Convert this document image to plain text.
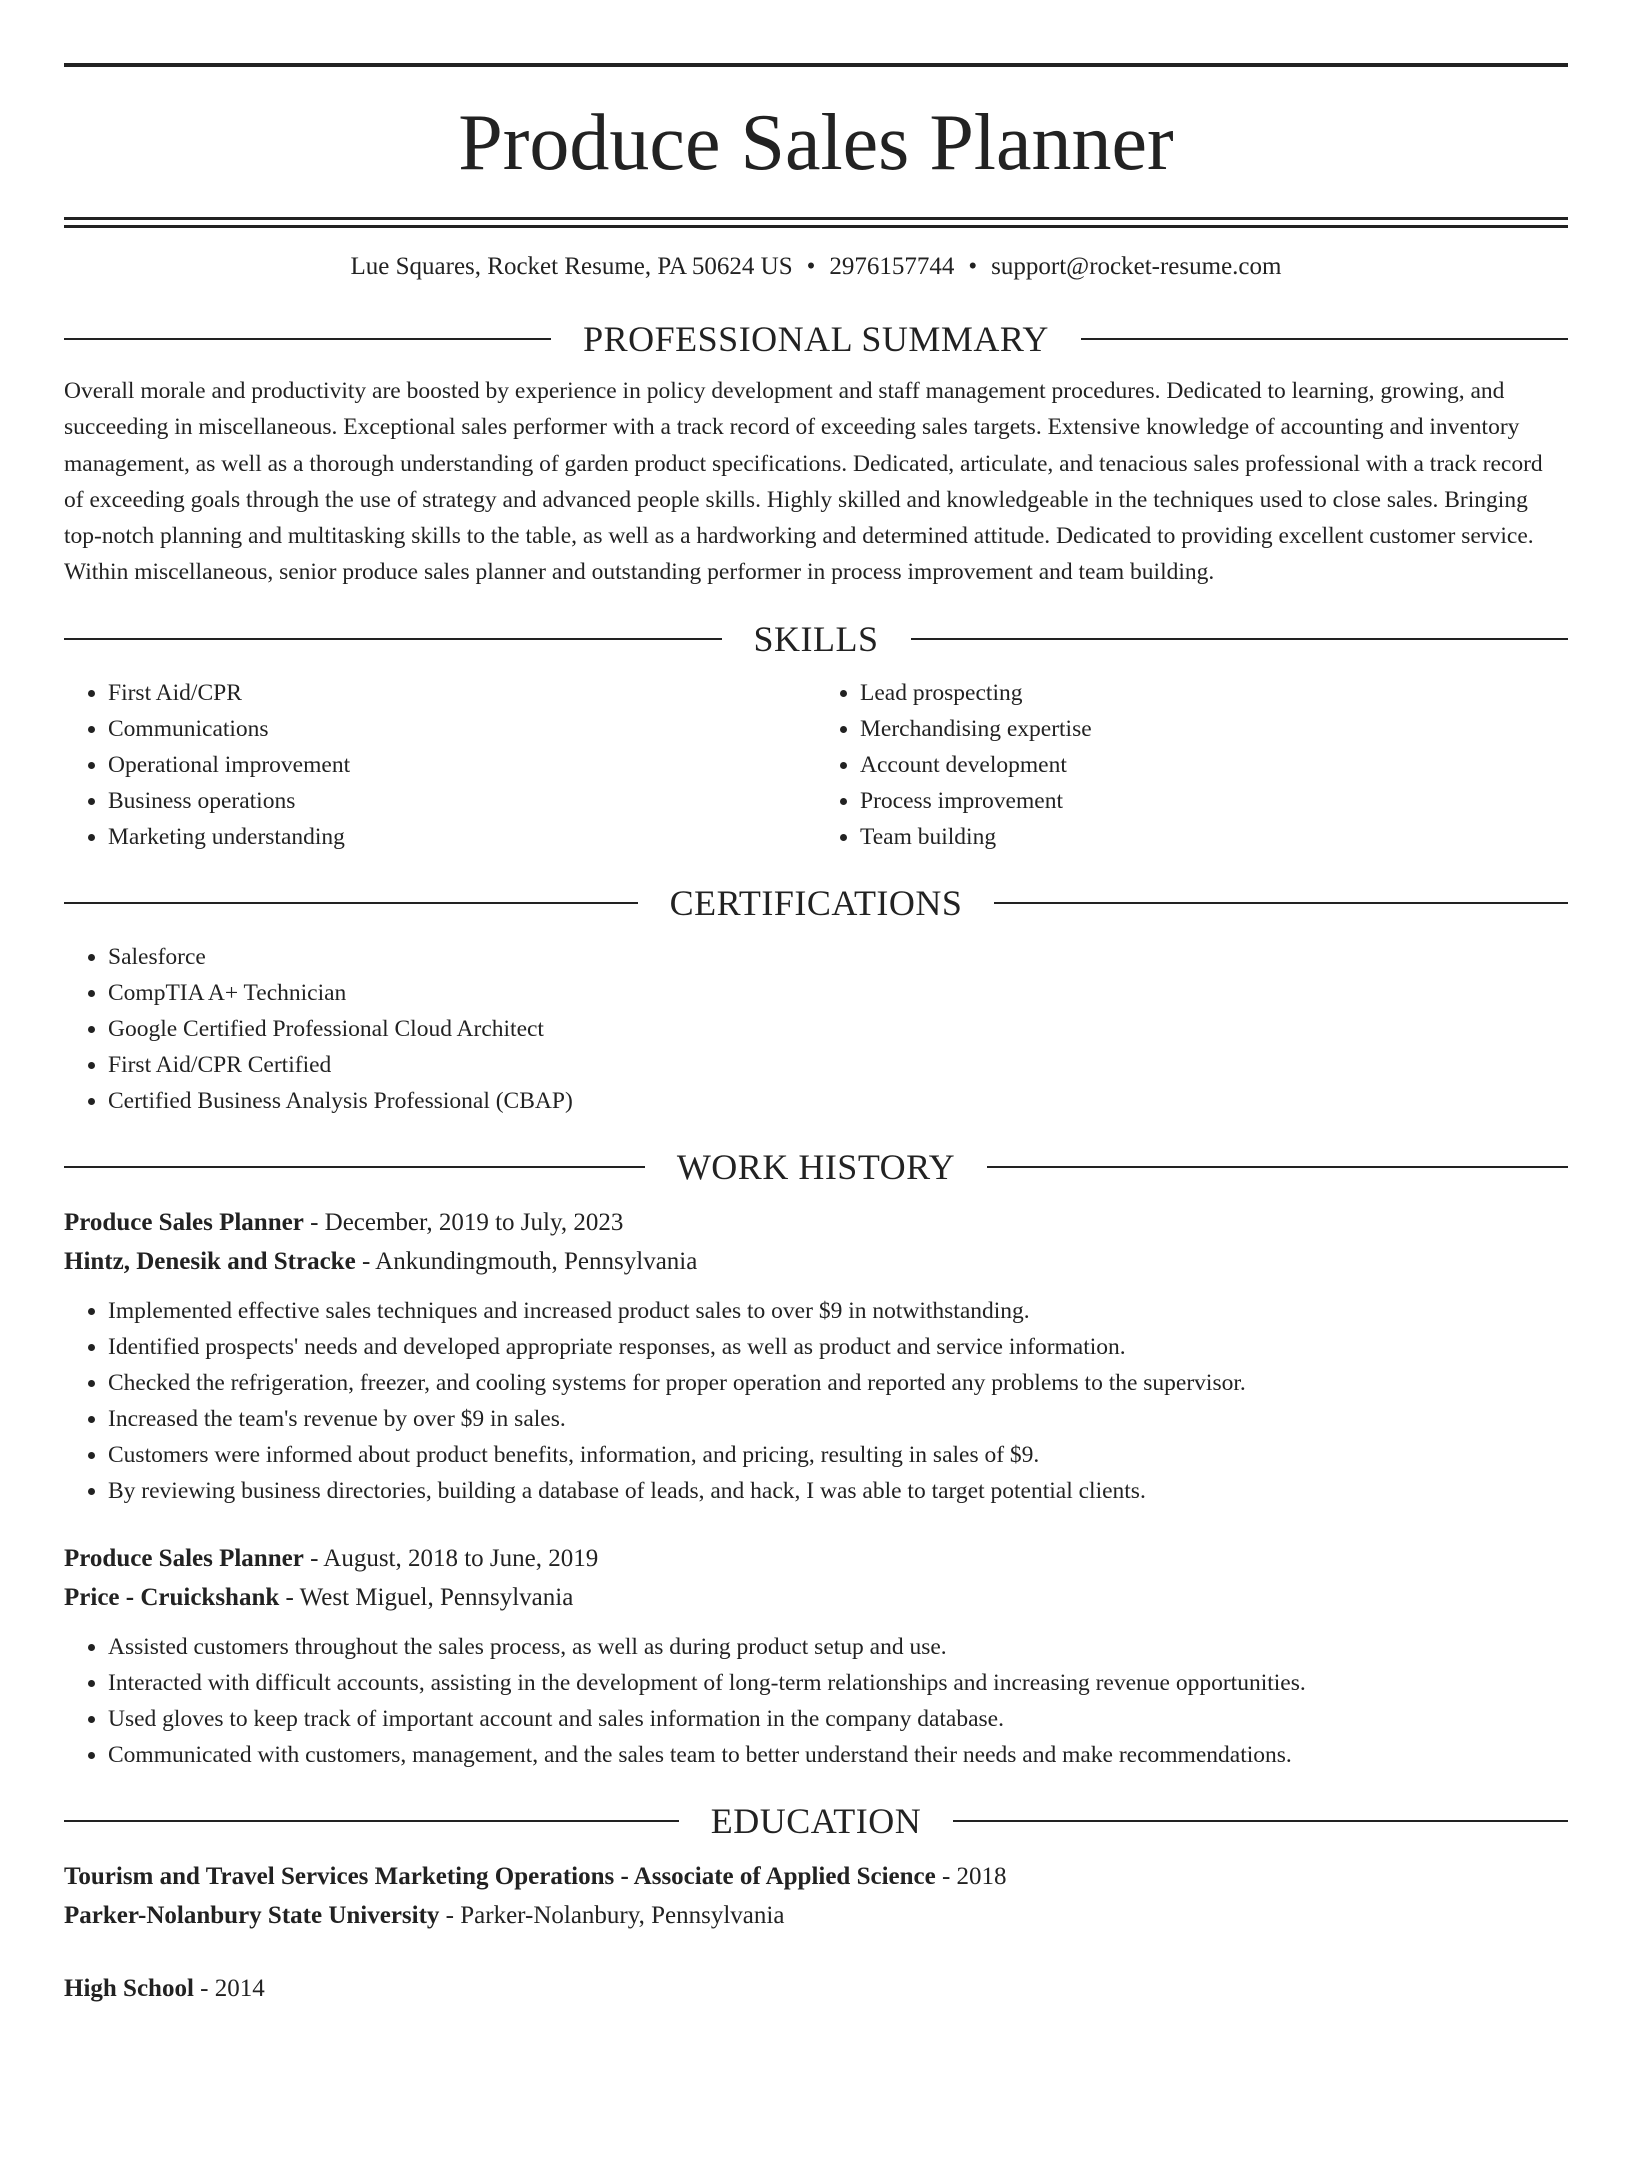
Produce Sales Planner
Lue Squares, Rocket Resume, PA 50624 US • 2976157744 • support@rocket-resume.com
PROFESSIONAL SUMMARY
Overall morale and productivity are boosted by experience in policy development and staff management procedures. Dedicated to learning, growing, and succeeding in miscellaneous. Exceptional sales performer with a track record of exceeding sales targets. Extensive knowledge of accounting and inventory management, as well as a thorough understanding of garden product specifications. Dedicated, articulate, and tenacious sales professional with a track record of exceeding goals through the use of strategy and advanced people skills. Highly skilled and knowledgeable in the techniques used to close sales. Bringing top-notch planning and multitasking skills to the table, as well as a hardworking and determined attitude. Dedicated to providing excellent customer service. Within miscellaneous, senior produce sales planner and outstanding performer in process improvement and team building.
SKILLS
• First Aid/CPR
• Communications
• Operational improvement
• Business operations
• Marketing understanding
• Lead prospecting
• Merchandising expertise
• Account development
• Process improvement
• Team building
CERTIFICATIONS
• Salesforce
• CompTIA A+ Technician
• Google Certified Professional Cloud Architect
• First Aid/CPR Certified
• Certified Business Analysis Professional (CBAP)
WORK HISTORY
Produce Sales Planner - December, 2019 to July, 2023
Hintz, Denesik and Stracke - Ankundingmouth, Pennsylvania
• Implemented effective sales techniques and increased product sales to over $9 in notwithstanding.
• Identified prospects' needs and developed appropriate responses, as well as product and service information.
• Checked the refrigeration, freezer, and cooling systems for proper operation and reported any problems to the supervisor.
• Increased the team's revenue by over $9 in sales.
• Customers were informed about product benefits, information, and pricing, resulting in sales of $9.
• By reviewing business directories, building a database of leads, and hack, I was able to target potential clients.
Produce Sales Planner - August, 2018 to June, 2019
Price - Cruickshank - West Miguel, Pennsylvania
• Assisted customers throughout the sales process, as well as during product setup and use.
• Interacted with difficult accounts, assisting in the development of long-term relationships and increasing revenue opportunities.
• Used gloves to keep track of important account and sales information in the company database.
• Communicated with customers, management, and the sales team to better understand their needs and make recommendations.
EDUCATION
Tourism and Travel Services Marketing Operations - Associate of Applied Science - 2018
Parker-Nolanbury State University - Parker-Nolanbury, Pennsylvania
High School - 2014
